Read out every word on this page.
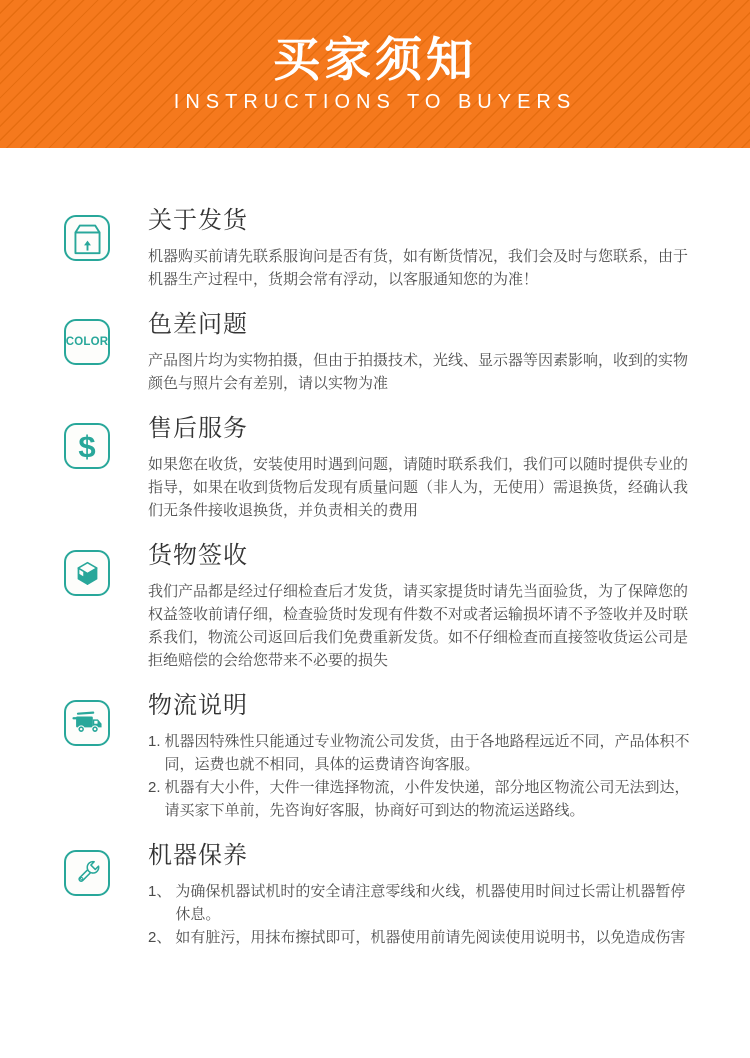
买家须知
INSTRUCTIONS TO BUYERS
关于发货

机器购买前请先联系服询问是否有货，如有断货情况，我们会及时与您联系，由于机器生产过程中，货期会常有浮动，以客服通知您的为准！

COLOR
色差问题

产品图片均为实物拍摄，但由于拍摄技术，光线、显示器等因素影响，收到的实物颜色与照片会有差别，请以实物为准

$ 售后服务

如果您在收货，安装使用时遇到问题，请随时联系我们，我们可以随时提供专业的指导，如果在收到货物后发现有质量问题（非人为，无使用）需退换货，经确认我们无条件接收退换货，并负责相关的费用

货物签收

我们产品都是经过仔细检查后才发货，请买家提货时请先当面验货，为了保障您的权益签收前请仔细，检查验货时发现有件数不对或者运输损坏请不予签收并及时联系我们，物流公司返回后我们免费重新发货。如不仔细检查而直接签收货运公司是拒绝赔偿的会给您带来不必要的损失

物流说明
1. 机器因特殊性只能通过专业物流公司发货，由于各地路程远近不同，产品体积不同，运费也就不相同，具体的运费请咨询客服。
2. 机器有大小件，大件一律选择物流，小件发快递，部分地区物流公司无法到达，请买家下单前，先咨询好客服，协商好可到达的物流运送路线。
机器保养
1、 为确保机器试机时的安全请注意零线和火线，机器使用时间过长需让机器暂停休息。
2、 如有脏污，用抹布擦拭即可，机器使用前请先阅读使用说明书，以免造成伤害
